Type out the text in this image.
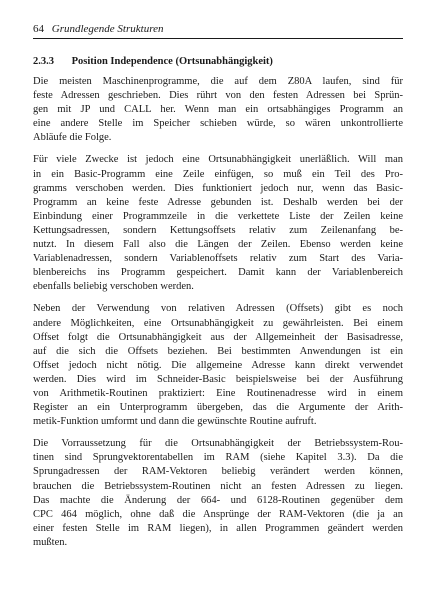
64 Grundlegende Strukturen
2.3.3 Position Independence (Ortsunabhängigkeit)
Die meisten Maschinenprogramme, die auf dem Z80A laufen, sind für
feste Adressen geschrieben. Dies rührt von den festen Adressen bei Sprün-
gen mit JP und CALL her. Wenn man ein ortsabhängiges Programm an
eine andere Stelle im Speicher schieben würde, so wären unkontrollierte
Abläufe die Folge.
Für viele Zwecke ist jedoch eine Ortsunabhängigkeit unerläßlich. Will man
in ein Basic-Programm eine Zeile einfügen, so muß ein Teil des Pro-
gramms verschoben werden. Dies funktioniert jedoch nur, wenn das Basic-
Programm an keine feste Adresse gebunden ist. Deshalb werden bei der
Einbindung einer Programmzeile in die verkettete Liste der Zeilen keine
Kettungsadressen, sondern Kettungsoffsets relativ zum Zeilenanfang be-
nutzt. In diesem Fall also die Längen der Zeilen. Ebenso werden keine
Variablenadressen, sondern Variablenoffsets relativ zum Start des Varia-
blenbereichs ins Programm gespeichert. Damit kann der Variablenbereich
ebenfalls beliebig verschoben werden.
Neben der Verwendung von relativen Adressen (Offsets) gibt es noch
andere Möglichkeiten, eine Ortsunabhängigkeit zu gewährleisten. Bei einem
Offset folgt die Ortsunabhängigkeit aus der Allgemeinheit der Basisadresse,
auf die sich die Offsets beziehen. Bei bestimmten Anwendungen ist ein
Offset jedoch nicht nötig. Die allgemeine Adresse kann direkt verwendet
werden. Dies wird im Schneider-Basic beispielsweise bei der Ausführung
von Arithmetik-Routinen praktiziert: Eine Routinenadresse wird in einem
Register an ein Unterprogramm übergeben, das die Argumente der Arith-
metik-Funktion umformt und dann die gewünschte Routine aufruft.
Die Vorraussetzung für die Ortsunabhängigkeit der Betriebssystem-Rou-
tinen sind Sprungvektorentabellen im RAM (siehe Kapitel 3.3). Da die
Sprungadressen der RAM-Vektoren beliebig verändert werden können,
brauchen die Betriebssystem-Routinen nicht an festen Adressen zu liegen.
Das machte die Änderung der 664- und 6128-Routinen gegenüber dem
CPC 464 möglich, ohne daß die Ansprünge der RAM-Vektoren (die ja an
einer festen Stelle im RAM liegen), in allen Programmen geändert werden
mußten.
